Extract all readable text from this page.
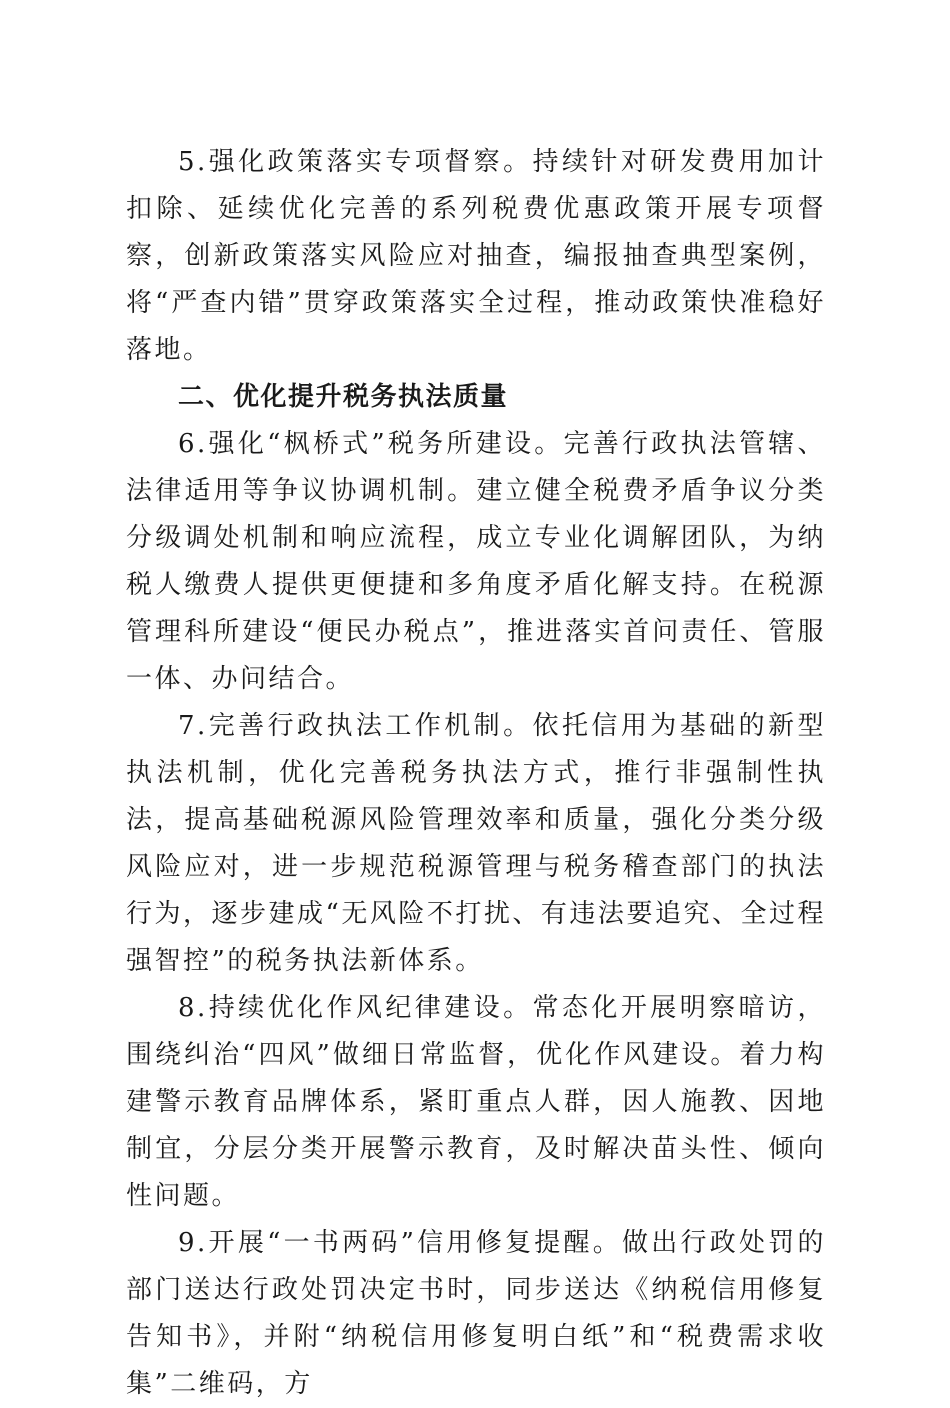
5.强化政策落实专项督察。持续针对研发费用加计扣除、延续优化完善的系列税费优惠政策开展专项督察，创新政策落实风险应对抽查，编报抽查典型案例，将“严查内错”贯穿政策落实全过程，推动政策快准稳好落地。

二、优化提升税务执法质量

6.强化“枫桥式”税务所建设。完善行政执法管辖、法律适用等争议协调机制。建立健全税费矛盾争议分类分级调处机制和响应流程，成立专业化调解团队，为纳税人缴费人提供更便捷和多角度矛盾化解支持。在税源管理科所建设“便民办税点”，推进落实首问责任、管服一体、办问结合。

7.完善行政执法工作机制。依托信用为基础的新型执法机制，优化完善税务执法方式，推行非强制性执法，提高基础税源风险管理效率和质量，强化分类分级风险应对，进一步规范税源管理与税务稽查部门的执法行为，逐步建成“无风险不打扰、有违法要追究、全过程强智控”的税务执法新体系。

8.持续优化作风纪律建设。常态化开展明察暗访，围绕纠治“四风”做细日常监督，优化作风建设。着力构建警示教育品牌体系，紧盯重点人群，因人施教、因地制宜，分层分类开展警示教育，及时解决苗头性、倾向性问题。

9.开展“一书两码”信用修复提醒。做出行政处罚的部门送达行政处罚决定书时，同步送达《纳税信用修复告知书》，并附“纳税信用修复明白纸”和“税费需求收集”二维码，方
